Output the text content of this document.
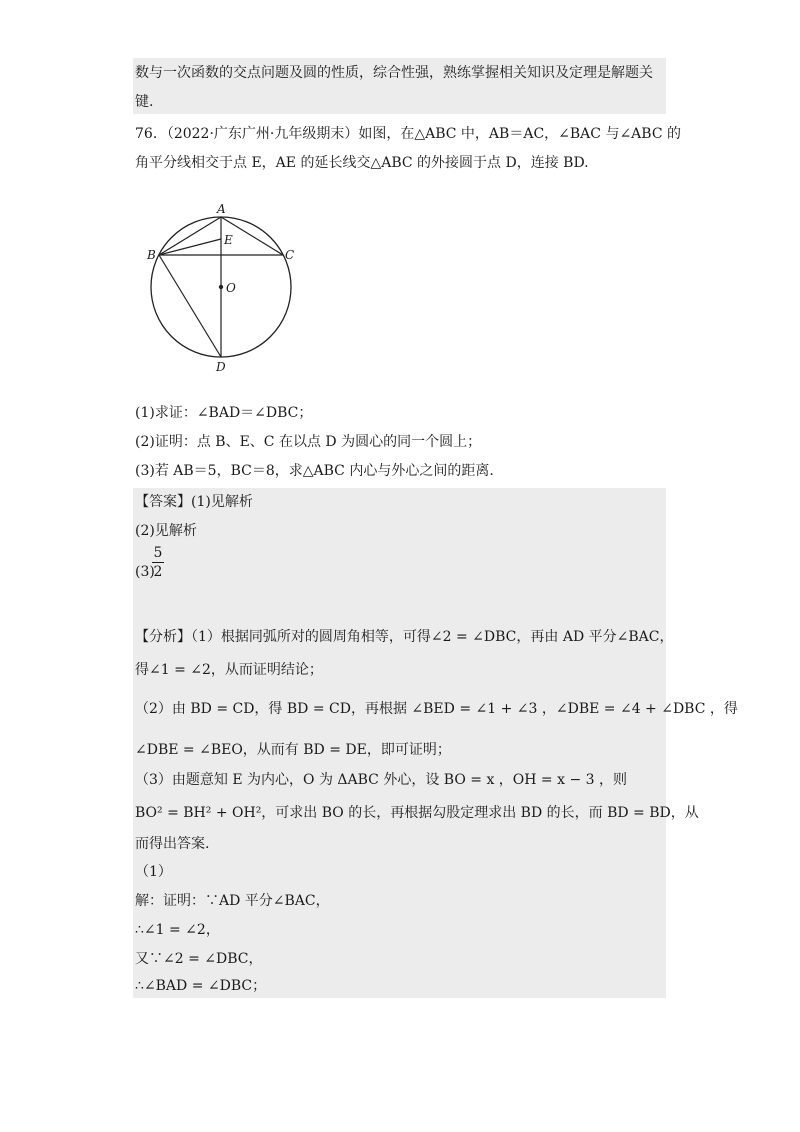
数与一次函数的交点问题及圆的性质，综合性强，熟练掌握相关知识及定理是解题关
键.
76．（2022·广东广州·九年级期末）如图，在△ABC 中，AB＝AC，∠BAC 与∠ABC 的
角平分线相交于点 E，AE 的延长线交△ABC 的外接圆于点 D，连接 BD.
A
B	C
E
O
D
(1)求证：∠BAD＝∠DBC；
(2)证明：点 B、E、C 在以点 D 为圆心的同一个圆上；
(3)若 AB＝5，BC＝8，求△ABC 内心与外心之间的距离.
【答案】(1)见解析
(2)见解析
(3)
5
2
【分析】（1）根据同弧所对的圆周角相等，可得∠2 = ∠DBC，再由 AD 平分∠BAC，
得∠1 = ∠2，从而证明结论；
（2）由 BD = CD，得 BD = CD，再根据 ∠BED = ∠1 + ∠3 ，∠DBE = ∠4 + ∠DBC ，得
∠DBE = ∠BEO，从而有 BD = DE，即可证明；
（3）由题意知 E 为内心，O 为 ΔABC 外心，设 BO = x ，OH = x − 3 ，则
BO² = BH² + OH²，可求出 BO 的长，再根据勾股定理求出 BD 的长，而 BD = BD，从
而得出答案.
（1）
解：证明：∵AD 平分∠BAC，
∴∠1 = ∠2，
又∵∠2 = ∠DBC，
∴∠BAD = ∠DBC；
